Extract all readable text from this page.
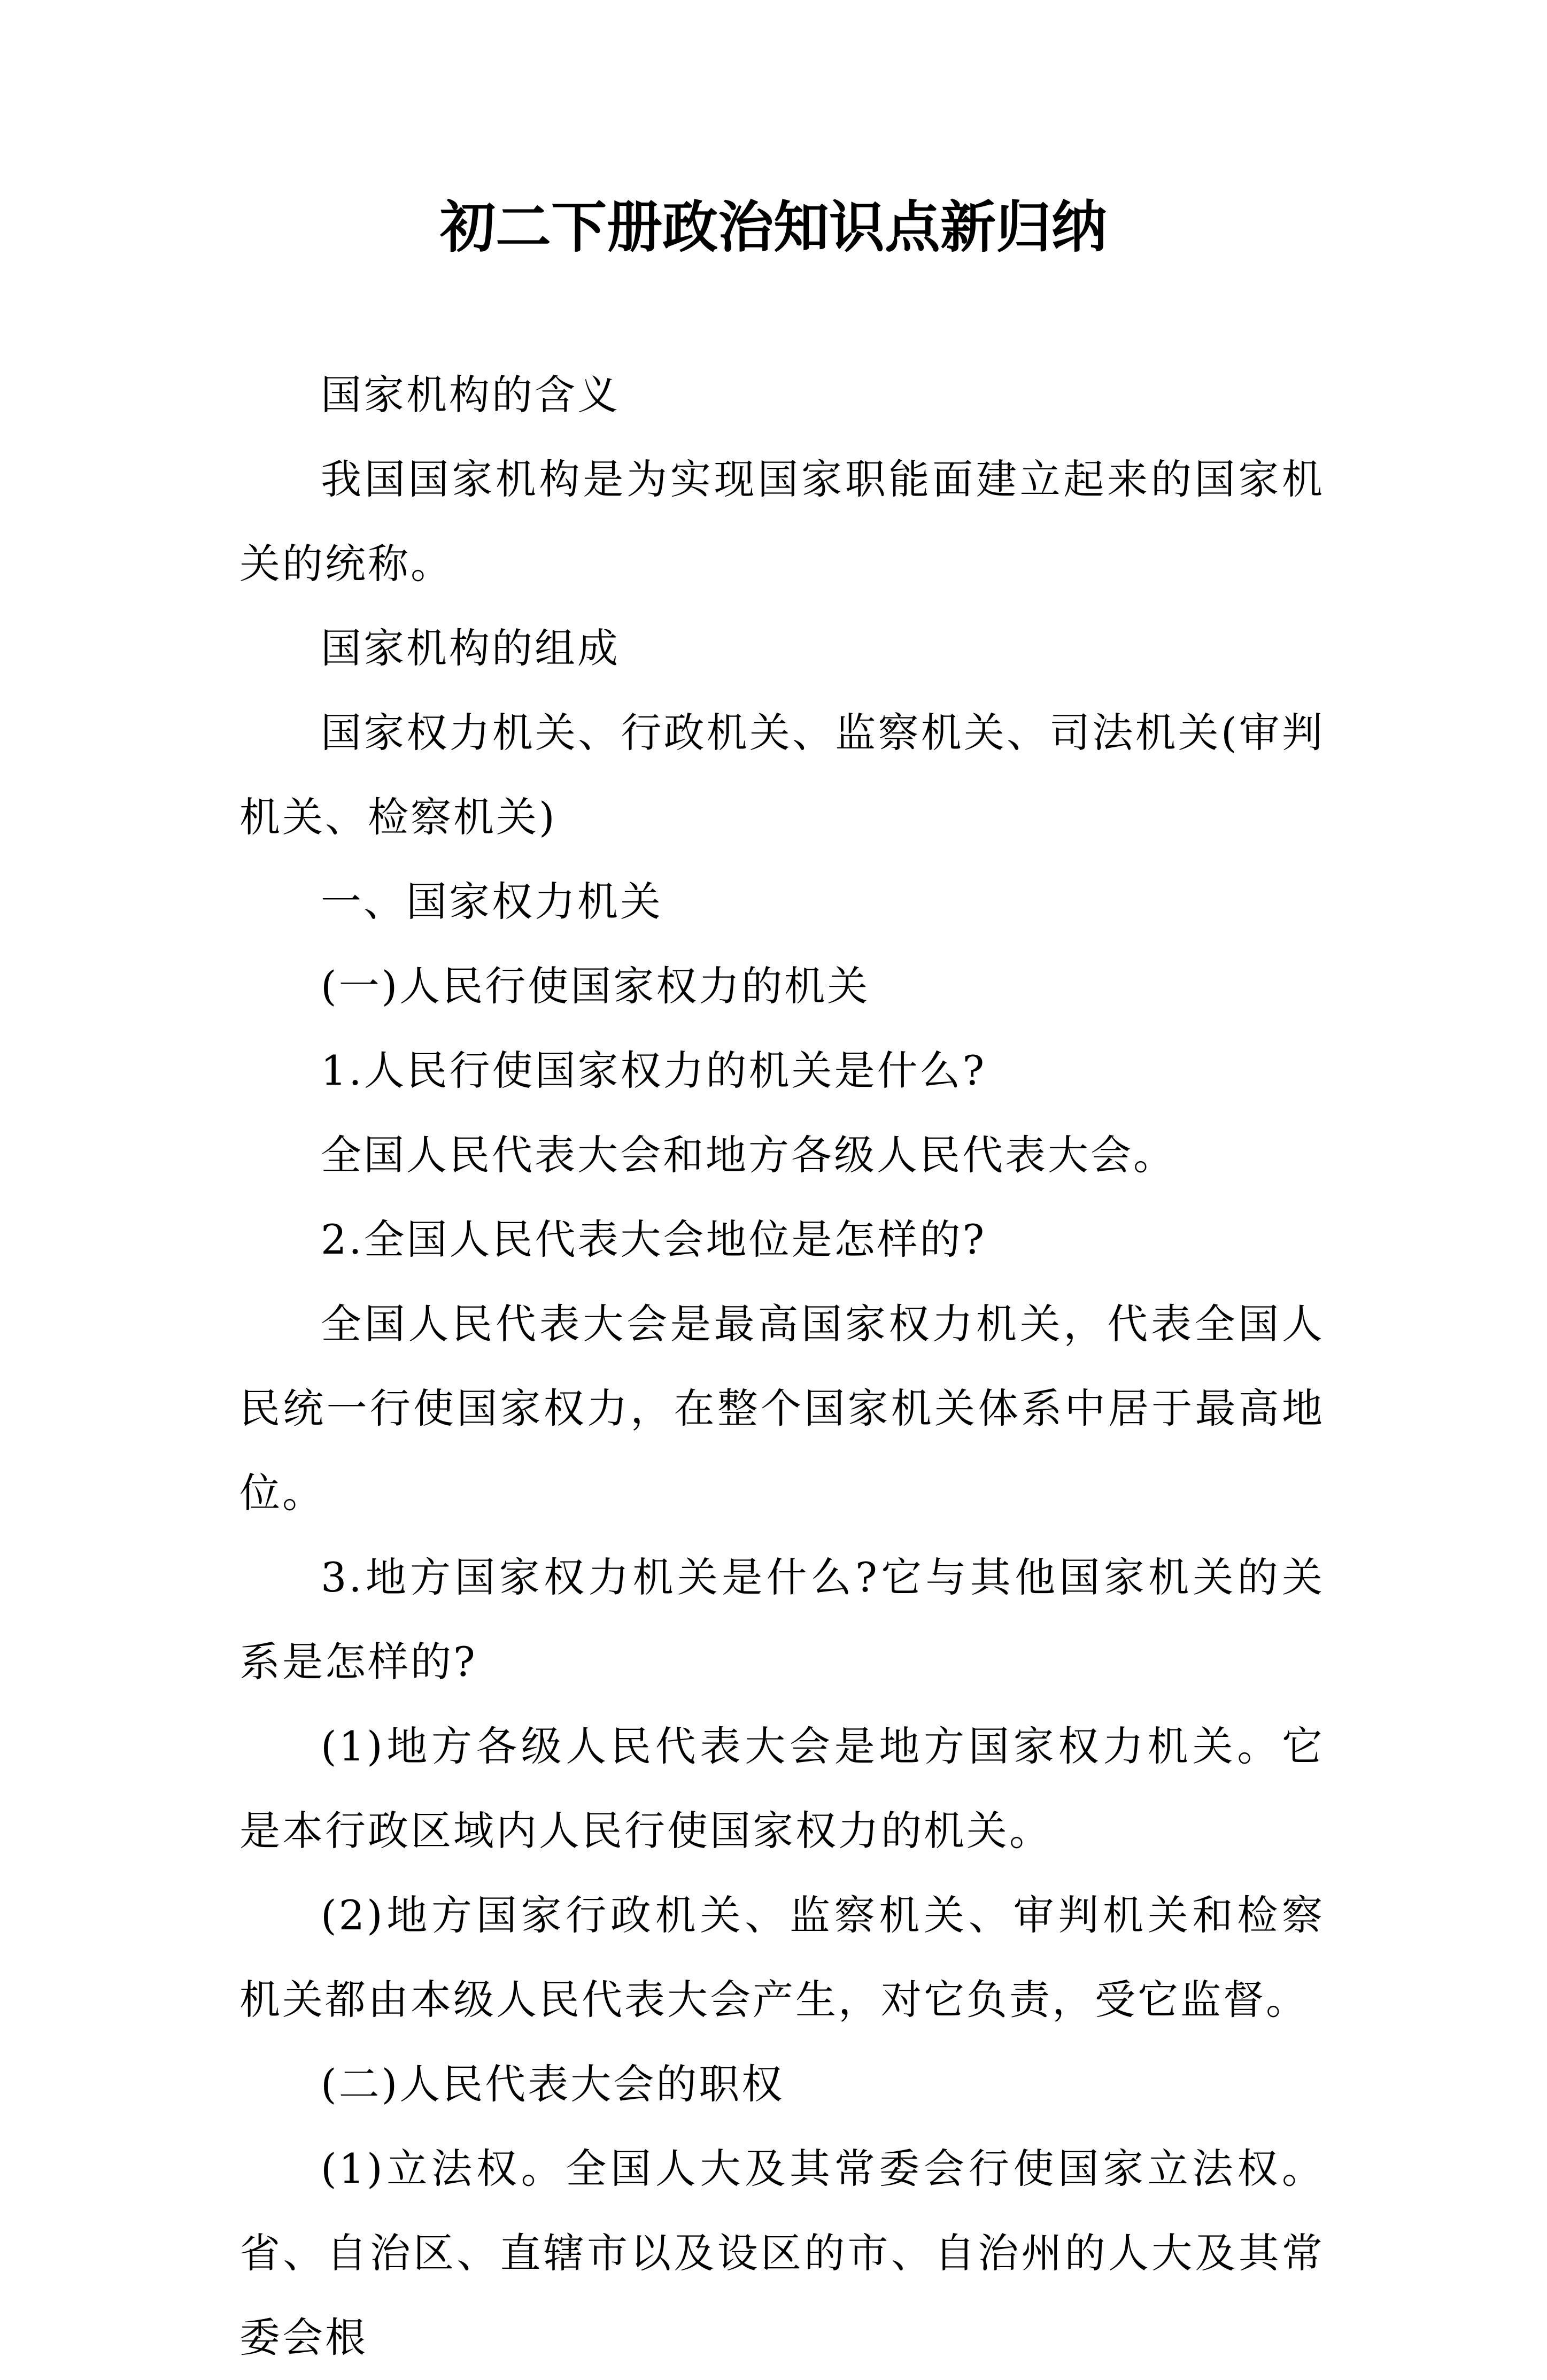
初二下册政治知识点新归纳

国家机构的含义

我国国家机构是为实现国家职能面建立起来的国家机关的统称。

国家机构的组成

国家权力机关、行政机关、监察机关、司法机关(审判机关、检察机关)

一、国家权力机关

(一)人民行使国家权力的机关

1.人民行使国家权力的机关是什么?

全国人民代表大会和地方各级人民代表大会。

2.全国人民代表大会地位是怎样的?

全国人民代表大会是最高国家权力机关，代表全国人民统一行使国家权力，在整个国家机关体系中居于最高地位。

3.地方国家权力机关是什么?它与其他国家机关的关系是怎样的?

(1)地方各级人民代表大会是地方国家权力机关。它是本行政区域内人民行使国家权力的机关。

(2)地方国家行政机关、监察机关、审判机关和检察机关都由本级人民代表大会产生，对它负责，受它监督。

(二)人民代表大会的职权

(1)立法权。全国人大及其常委会行使国家立法权。省、自治区、直辖市以及设区的市、自治州的人大及其常委会根
